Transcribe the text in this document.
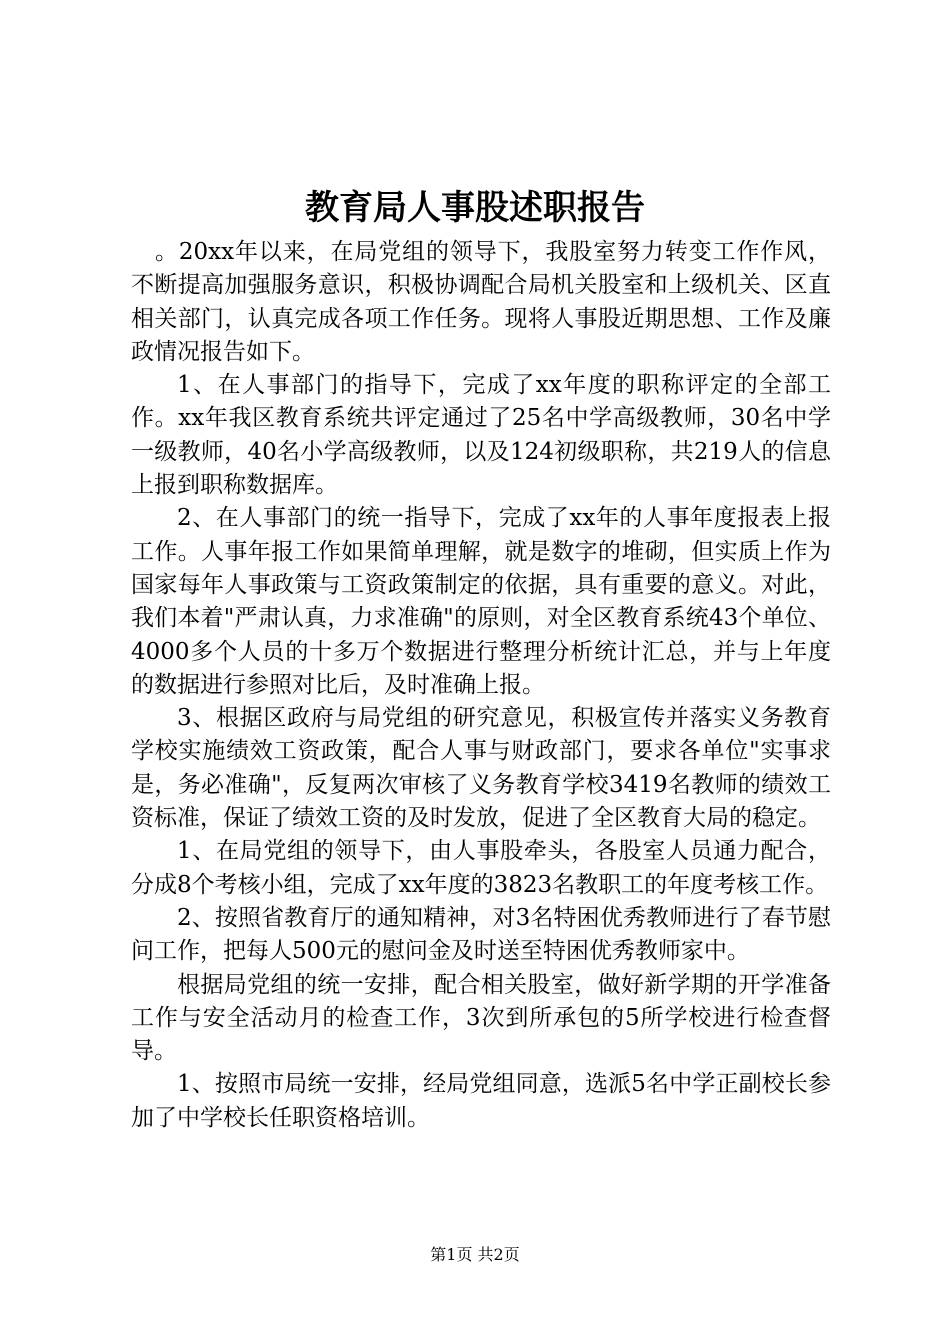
教育局人事股述职报告

。20xx年以来，在局党组的领导下，我股室努力转变工作作风，不断提高加强服务意识，积极协调配合局机关股室和上级机关、区直相关部门，认真完成各项工作任务。现将人事股近期思想、工作及廉政情况报告如下。

1、在人事部门的指导下，完成了xx年度的职称评定的全部工作。xx年我区教育系统共评定通过了25名中学高级教师，30名中学一级教师，40名小学高级教师，以及124初级职称，共219人的信息上报到职称数据库。

2、在人事部门的统一指导下，完成了xx年的人事年度报表上报工作。人事年报工作如果简单理解，就是数字的堆砌，但实质上作为国家每年人事政策与工资政策制定的依据，具有重要的意义。对此，我们本着"严肃认真，力求准确"的原则，对全区教育系统43个单位、4000多个人员的十多万个数据进行整理分析统计汇总，并与上年度的数据进行参照对比后，及时准确上报。

3、根据区政府与局党组的研究意见，积极宣传并落实义务教育学校实施绩效工资政策，配合人事与财政部门，要求各单位"实事求是，务必准确"，反复两次审核了义务教育学校3419名教师的绩效工资标准，保证了绩效工资的及时发放，促进了全区教育大局的稳定。

1、在局党组的领导下，由人事股牵头，各股室人员通力配合，分成8个考核小组，完成了xx年度的3823名教职工的年度考核工作。

2、按照省教育厅的通知精神，对3名特困优秀教师进行了春节慰问工作，把每人500元的慰问金及时送至特困优秀教师家中。

根据局党组的统一安排，配合相关股室，做好新学期的开学准备工作与安全活动月的检查工作，3次到所承包的5所学校进行检查督导。

1、按照市局统一安排，经局党组同意，选派5名中学正副校长参加了中学校长任职资格培训。

第1页 共2页
